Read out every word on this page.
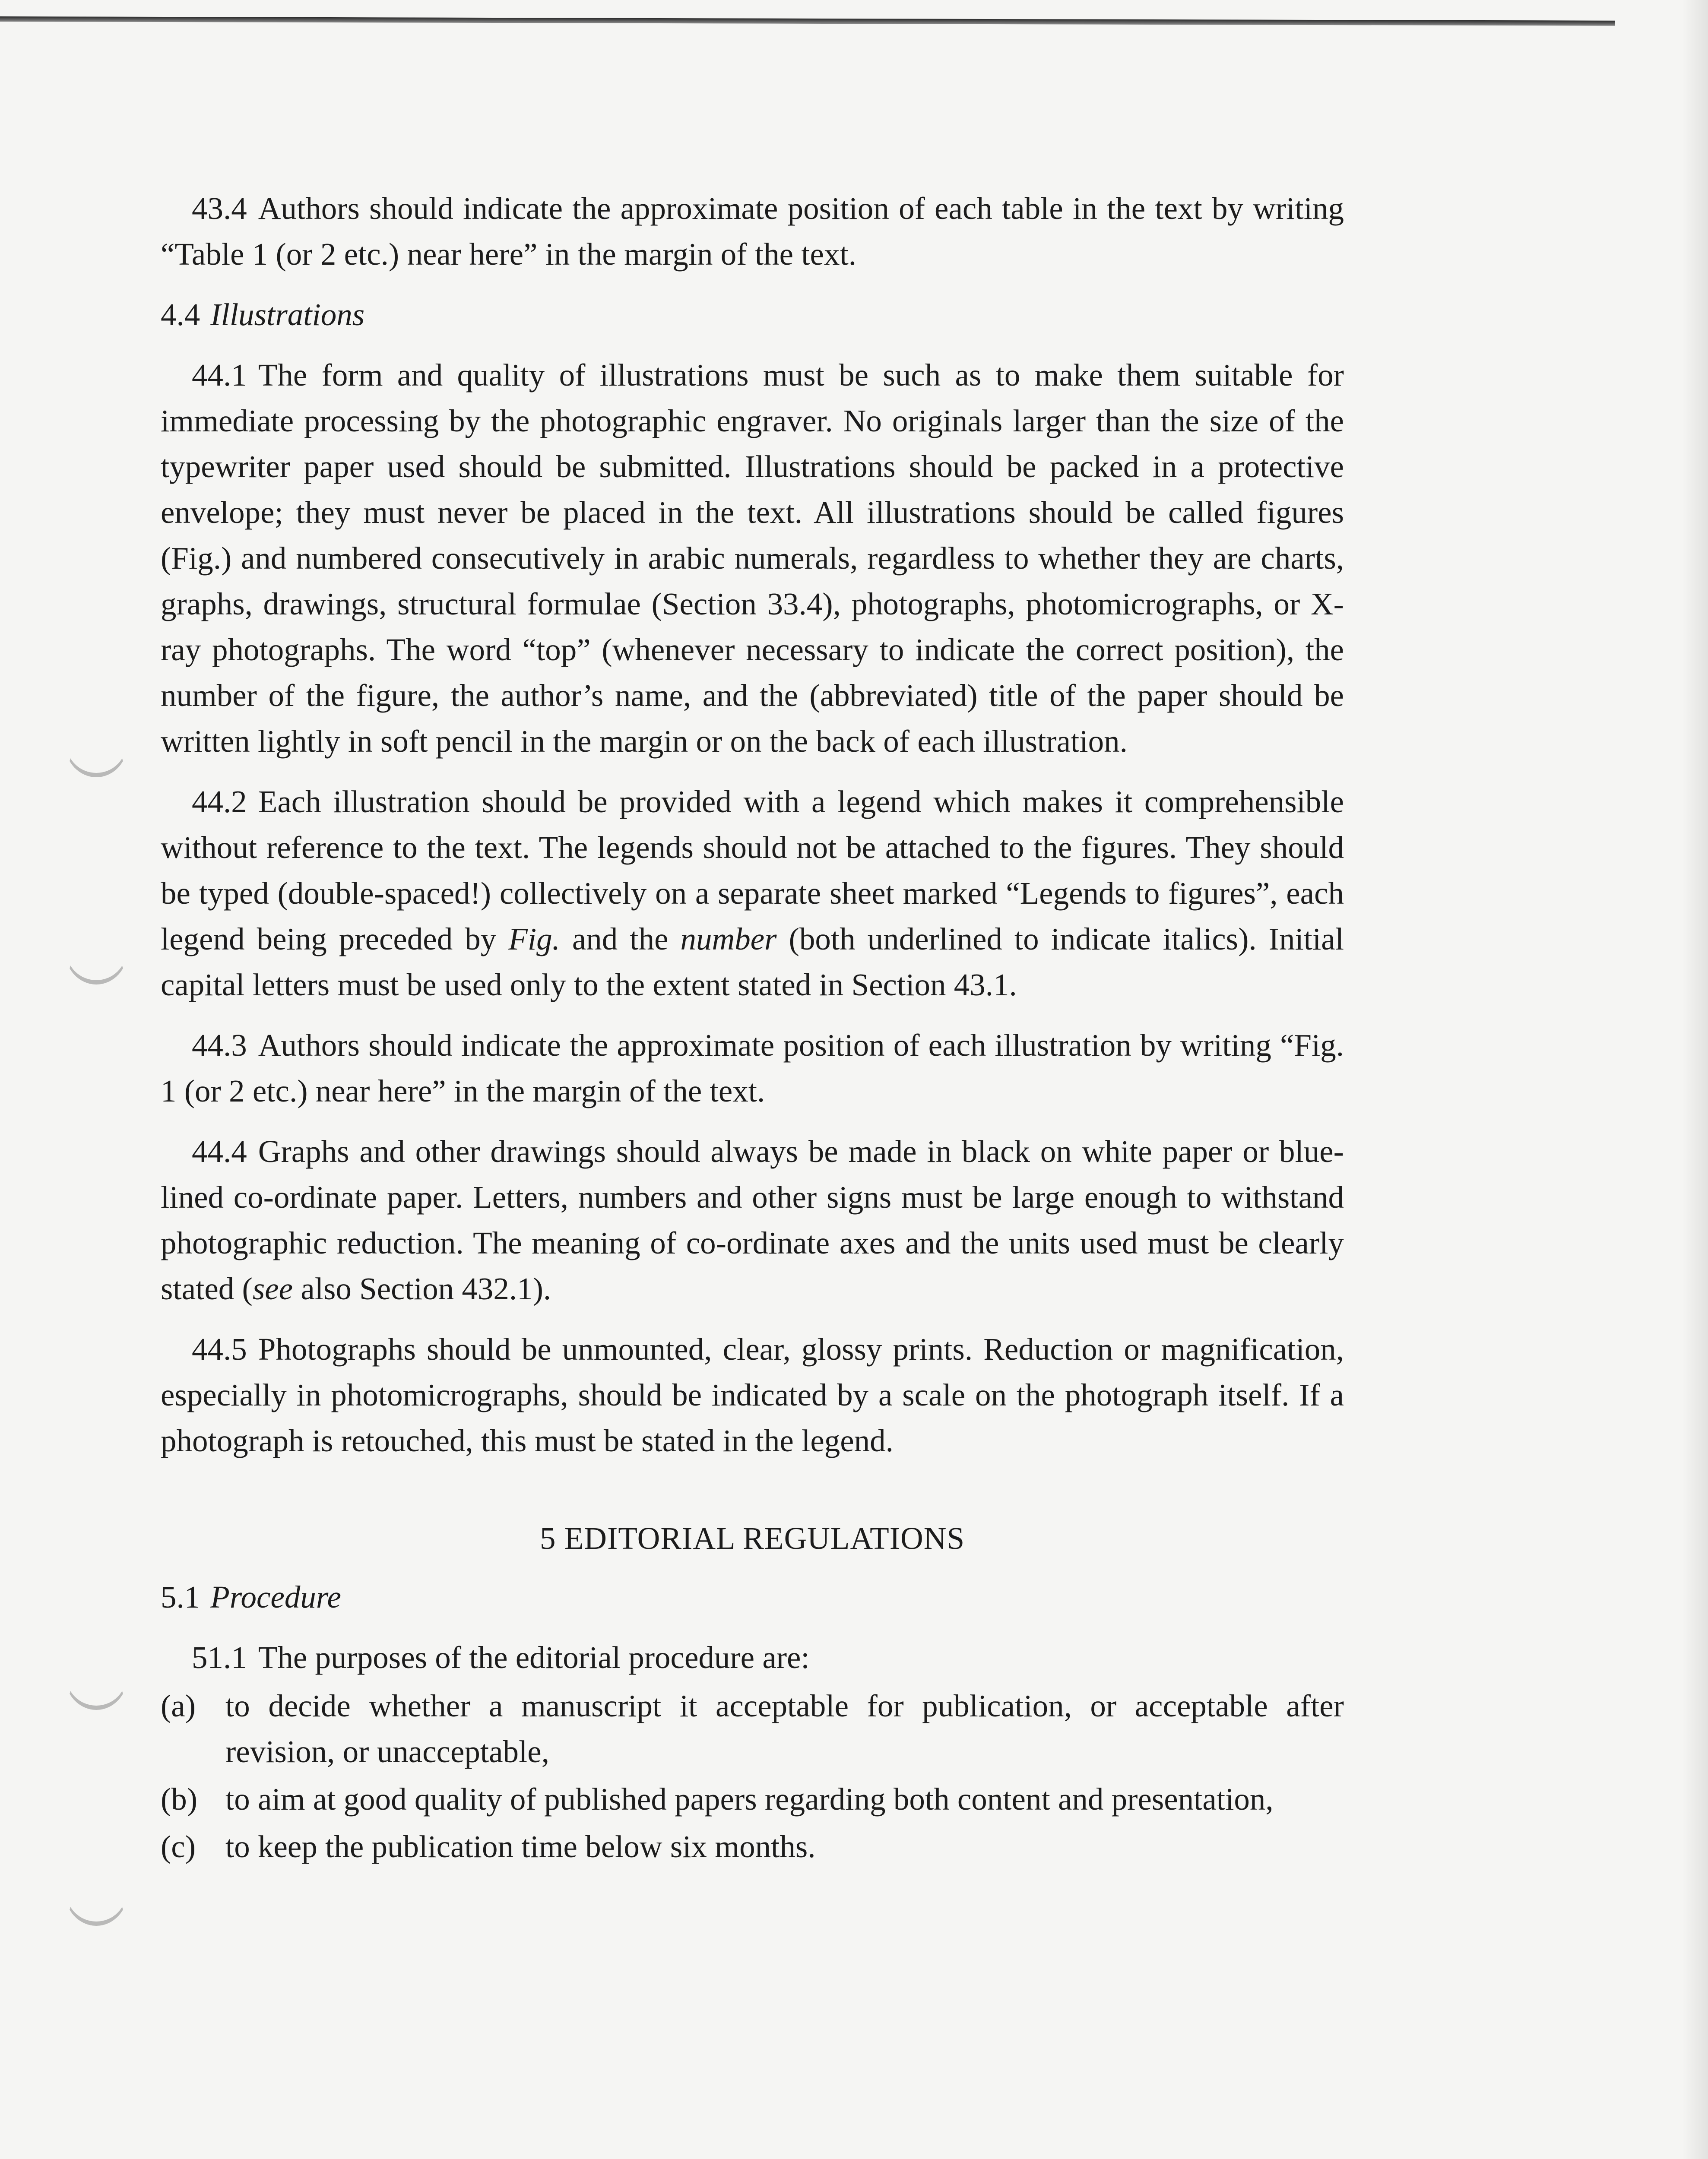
43.4 Authors should indicate the approximate position of each table in the text by writing “Table 1 (or 2 etc.) near here” in the margin of the text.

4.4 Illustrations

44.1 The form and quality of illustrations must be such as to make them suitable for immediate processing by the photographic engraver. No originals larger than the size of the typewriter paper used should be submitted. Illustrations should be packed in a protective envelope; they must never be placed in the text. All illustrations should be called figures (Fig.) and numbered consecutively in arabic numerals, regardless to whether they are charts, graphs, drawings, structural formulae (Section 33.4), photographs, photomicrographs, or X-ray photographs. The word “top” (whenever necessary to indicate the correct position), the number of the figure, the author’s name, and the (abbreviated) title of the paper should be written lightly in soft pencil in the margin or on the back of each illustration.

44.2 Each illustration should be provided with a legend which makes it comprehensible without reference to the text. The legends should not be attached to the figures. They should be typed (double-spaced!) collectively on a separate sheet marked “Legends to figures”, each legend being preceded by Fig. and the number (both underlined to indicate italics). Initial capital letters must be used only to the extent stated in Section 43.1.

44.3 Authors should indicate the approximate position of each illustration by writing “Fig. 1 (or 2 etc.) near here” in the margin of the text.

44.4 Graphs and other drawings should always be made in black on white paper or blue-lined co-ordinate paper. Letters, numbers and other signs must be large enough to withstand photographic reduction. The meaning of co-ordinate axes and the units used must be clearly stated (see also Section 432.1).

44.5 Photographs should be unmounted, clear, glossy prints. Reduction or magnification, especially in photomicrographs, should be indicated by a scale on the photograph itself. If a photograph is retouched, this must be stated in the legend.

5 EDITORIAL REGULATIONS
5.1 Procedure

51.1 The purposes of the editorial procedure are:

(a) to decide whether a manuscript it acceptable for publication, or acceptable after revision, or unacceptable,
(b) to aim at good quality of published papers regarding both content and presentation,
(c) to keep the publication time below six months.
